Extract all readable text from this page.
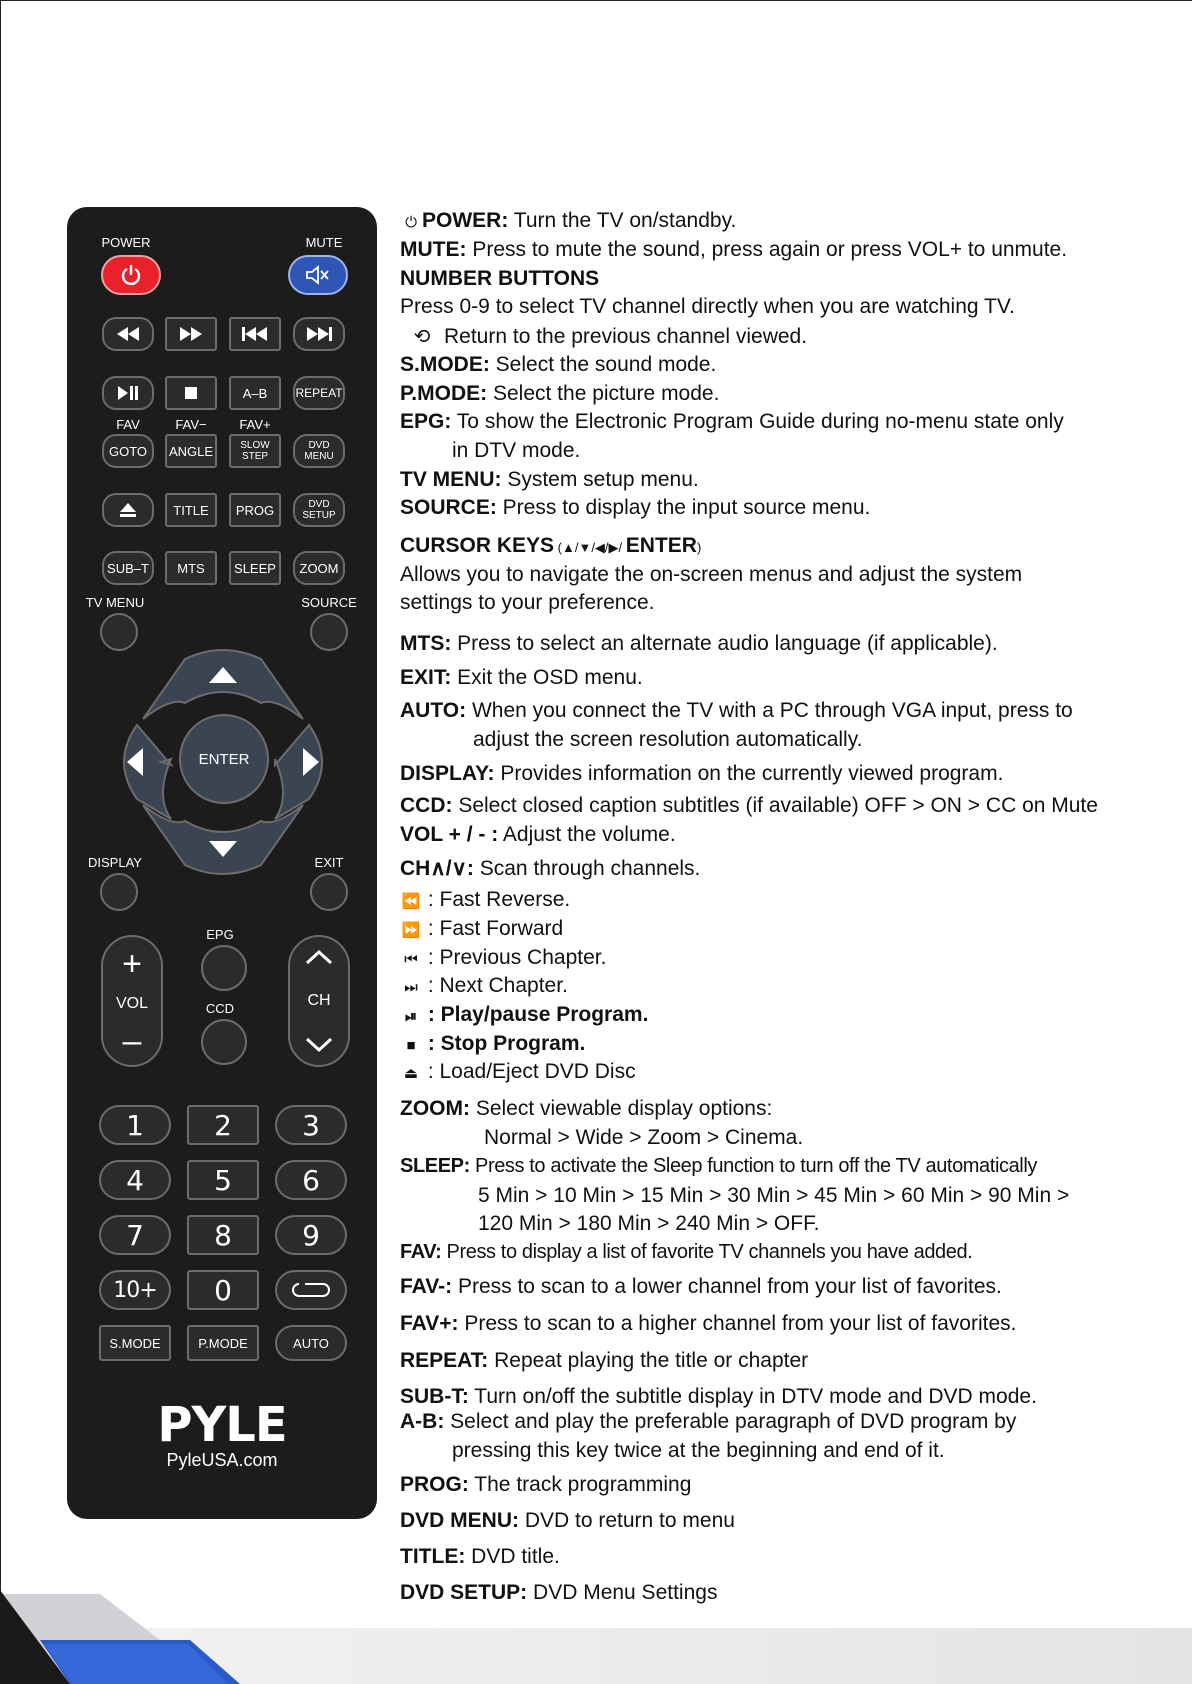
POWER	MUTE
A–B	REPEAT
FAV	FAV−	FAV+
GOTO	ANGLE	SLOW STEP
DVD MENU
TITLE	PROG	DVD SETUP
SUB–T	MTS	SLEEP	ZOOM
TV MENU	SOURCE
ENTER
DISPLAY	EXIT
+
VOL
–
EPG
CCD	CH
1	2	3
4	5	6
7	8	9
10+	0
S.MODE	P.MODE	AUTO
PYLE
PyleUSA.com
⏻ POWER: Turn the TV on/standby.
MUTE: Press to mute the sound, press again or press VOL+ to unmute.
NUMBER BUTTONS
Press 0-9 to select TV channel directly when you are watching TV.
⟲ Return to the previous channel viewed.
S.MODE: Select the sound mode.
P.MODE: Select the picture mode.
EPG: To show the Electronic Program Guide during no-menu state only
in DTV mode.
TV MENU: System setup menu.
SOURCE: Press to display the input source menu.
CURSOR KEYS (▲/▼/◀/▶/ ENTER)
Allows you to navigate the on-screen menus and adjust the system
settings to your preference.
MTS: Press to select an alternate audio language (if applicable).
EXIT: Exit the OSD menu.
AUTO: When you connect the TV with a PC through VGA input, press to
adjust the screen resolution automatically.
DISPLAY: Provides information on the currently viewed program.
CCD: Select closed caption subtitles (if available) OFF > ON > CC on Mute
VOL + / - : Adjust the volume.
CH∧/∨: Scan through channels.
⏪ : Fast Reverse.
⏩ : Fast Forward
⏮ : Previous Chapter.
⏭ : Next Chapter.
⏯ : Play/pause Program.
■ : Stop Program.
⏏ : Load/Eject DVD Disc
ZOOM: Select viewable display options:
Normal > Wide > Zoom > Cinema.
SLEEP: Press to activate the Sleep function to turn off the TV automatically
5 Min > 10 Min > 15 Min > 30 Min > 45 Min > 60 Min > 90 Min >
120 Min > 180 Min > 240 Min > OFF.
FAV: Press to display a list of favorite TV channels you have added.
FAV-: Press to scan to a lower channel from your list of favorites.
FAV+: Press to scan to a higher channel from your list of favorites.
REPEAT: Repeat playing the title or chapter
SUB-T: Turn on/off the subtitle display in DTV mode and DVD mode.
A-B: Select and play the preferable paragraph of DVD program by
pressing this key twice at the beginning and end of it.
PROG: The track programming
DVD MENU: DVD to return to menu
TITLE: DVD title.
DVD SETUP: DVD Menu Settings
